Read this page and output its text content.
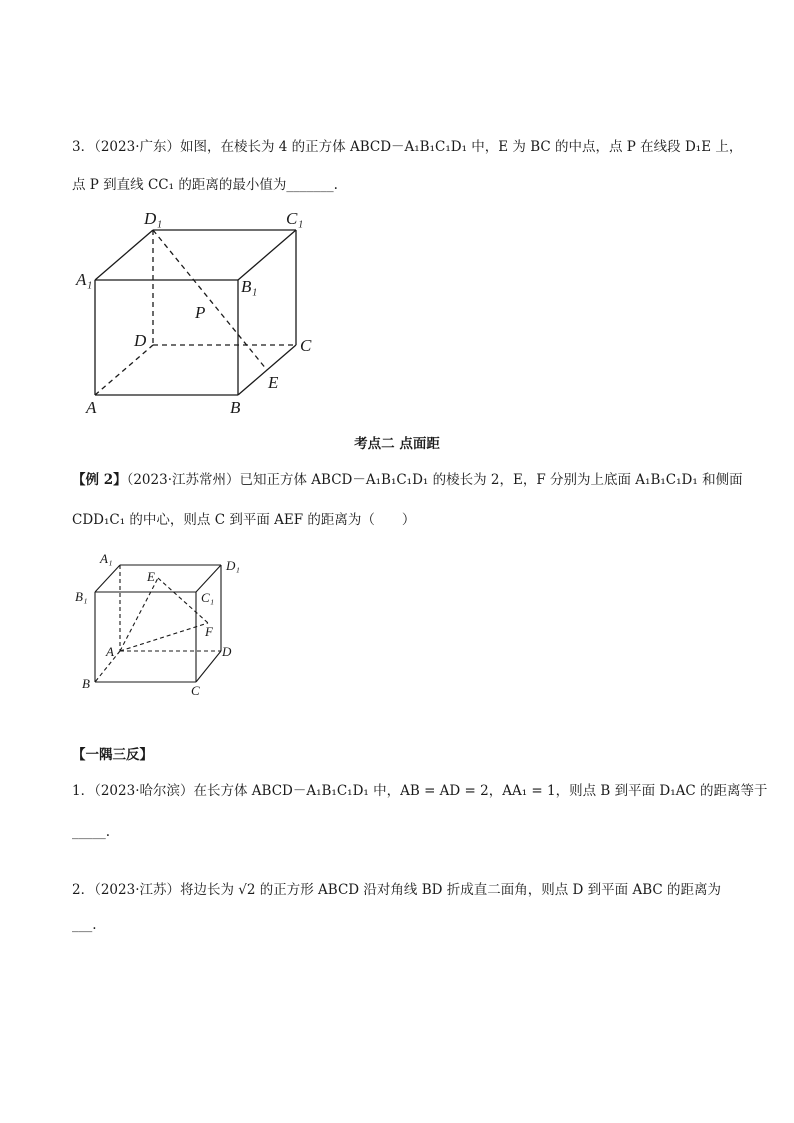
3．（2023·广东）如图，在棱长为 4 的正方体 ABCD－A₁B₁C₁D₁ 中，E 为 BC 的中点，点 P 在线段 D₁E 上，
点 P 到直线 CC₁ 的距离的最小值为_______.
D₁	C₁
A₁	B₁
P
D	C
E
A	B
考点二 点面距
【例 2】（2023·江苏常州）已知正方体 ABCD－A₁B₁C₁D₁ 的棱长为 2，E，F 分别为上底面 A₁B₁C₁D₁ 和侧面
CDD₁C₁ 的中心，则点 C 到平面 AEF 的距离为（　　）
A₁	D₁
E
B₁	C₁
F
A	D
B	C
【一隅三反】
1．（2023·哈尔滨）在长方体 ABCD－A₁B₁C₁D₁ 中，AB = AD = 2，AA₁ = 1，则点 B 到平面 D₁AC 的距离等于
_____.
2．（2023·江苏）将边长为 √2 的正方形 ABCD 沿对角线 BD 折成直二面角，则点 D 到平面 ABC 的距离为
___.
